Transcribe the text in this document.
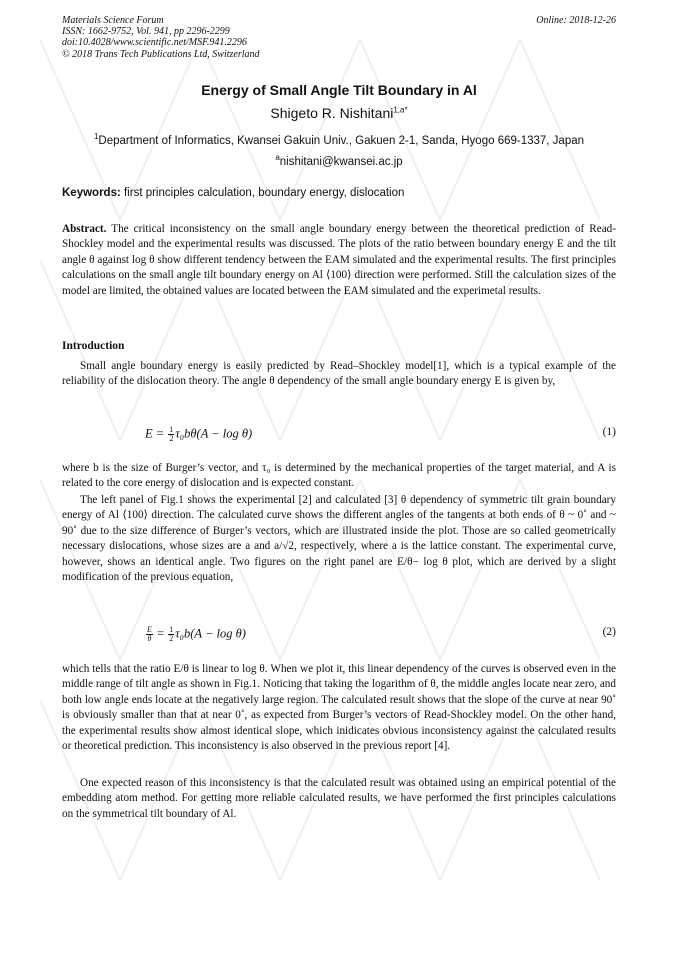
Materials Science Forum
ISSN: 1662-9752, Vol. 941, pp 2296-2299
doi:10.4028/www.scientific.net/MSF.941.2296
© 2018 Trans Tech Publications Ltd, Switzerland
Online: 2018-12-26
Energy of Small Angle Tilt Boundary in Al
Shigeto R. Nishitani$^{1,a*}$
$^1$Department of Informatics, Kwansei Gakuin Univ., Gakuen 2-1, Sanda, Hyogo 669-1337, Japan
$^a$nishitani@kwansei.ac.jp
Keywords: first principles calculation, boundary energy, dislocation
Abstract. The critical inconsistency on the small angle boundary energy between the theoretical prediction of Read-Shockley model and the experimental results was discussed. The plots of the ratio between boundary energy E and the tilt angle θ against log θ show different tendency between the EAM simulated and the experimental results. The first principles calculations on the small angle tilt boundary energy on Al ⟨100⟩ direction were performed. Still the calculation sizes of the model are limited, the obtained values are located between the EAM simulated and the experimetal results.
Introduction
Small angle boundary energy is easily predicted by Read–Shockley model[1], which is a typical example of the reliability of the dislocation theory. The angle θ dependency of the small angle boundary energy E is given by,
$E = \frac{1}{2} \tau_0b\theta(A - \log \theta)$	(1)
where b is the size of Burger’s vector, and τ₀ is determined by the mechanical properties of the target material, and A is related to the core energy of dislocation and is expected constant.
The left panel of Fig.1 shows the experimental [2] and calculated [3] θ dependency of symmetric tilt grain boundary energy of Al ⟨100⟩ direction. The calculated curve shows the different angles of the tangents at both ends of θ ~ 0˚ and ~ 90˚ due to the size difference of Burger’s vectors, which are illustrated inside the plot. Those are so called geometrically necessary dislocations, whose sizes are a and a/√2, respectively, where a is the lattice constant. The experimental curve, however, shows an identical angle. Two figures on the right panel are E/θ− log θ plot, which are derived by a slight modification of the previous equation,
$\frac{E}{\theta} = \frac{1}{2} \tau_0b(A - \log \theta)$	(2)
which tells that the ratio E/θ is linear to log θ. When we plot it, this linear dependency of the curves is observed even in the middle range of tilt angle as shown in Fig.1. Noticing that taking the logarithm of θ, the middle angles locate near zero, and both low angle ends locate at the negatively large region. The calculated result shows that the slope of the curve at near 90˚ is obviously smaller than that at near 0˚, as expected from Burger’s vectors of Read-Shockley model. On the other hand, the experimental results show almost identical slope, which inidicates obvious inconsistency against the calculated results or theoretical prediction. This inconsistency is also observed in the previous report [4].
One expected reason of this inconsistency is that the calculated result was obtained using an empirical potential of the embedding atom method. For getting more reliable calculated results, we have performed the first principles calculations on the symmetrical tilt boundary of Al.
